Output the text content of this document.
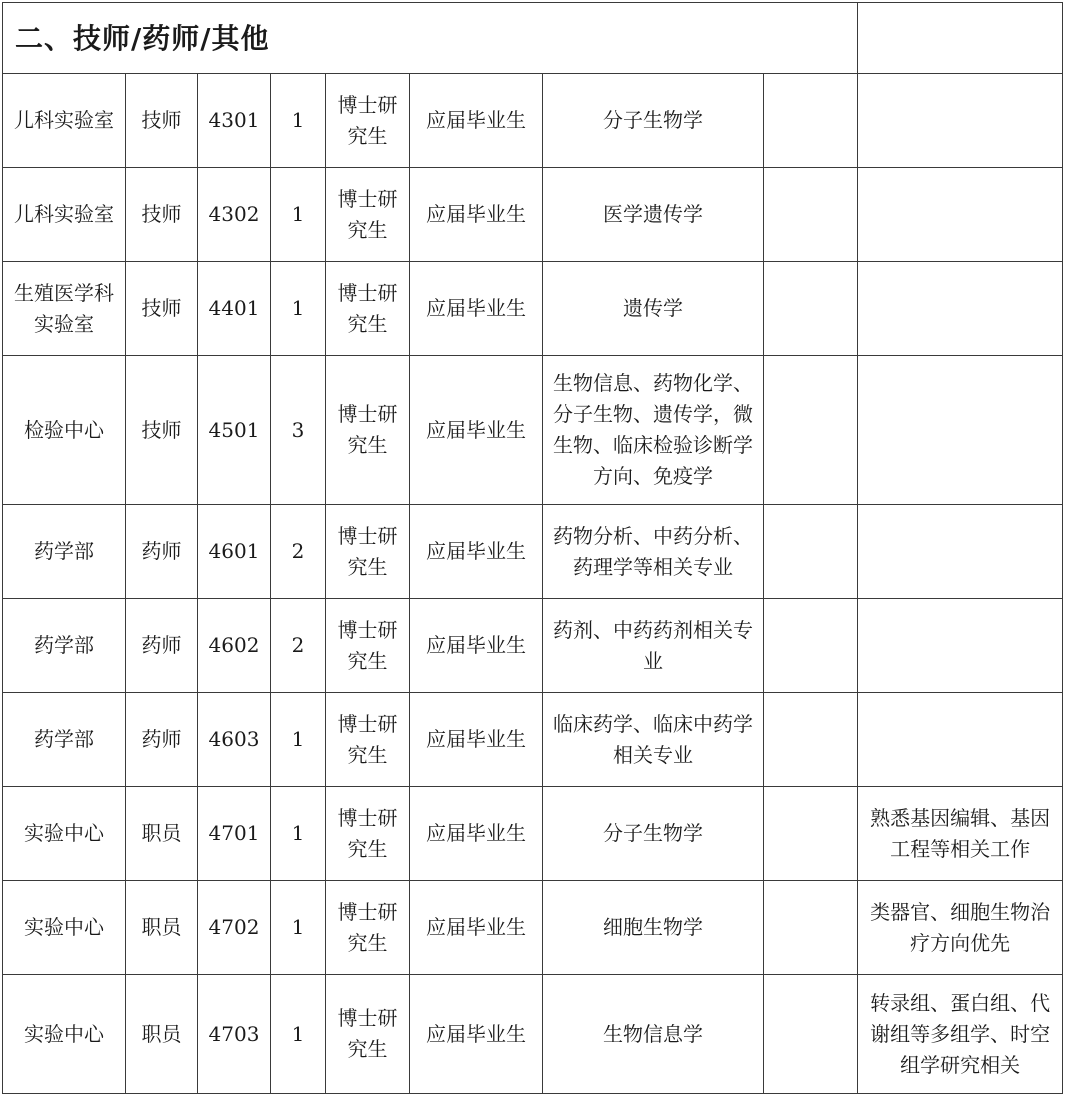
二、技师/药师/其他								
儿科实验室	技师	4301	1	博士研究生	应届毕业生	分子生物学		
儿科实验室	技师	4302	1	博士研究生	应届毕业生	医学遗传学		
生殖医学科实验室	技师	4401	1	博士研究生	应届毕业生	遗传学		
检验中心	技师	4501	3	博士研究生	应届毕业生	生物信息、药物化学、分子生物、遗传学，微生物、临床检验诊断学方向、免疫学		
药学部	药师	4601	2	博士研究生	应届毕业生	药物分析、中药分析、药理学等相关专业		
药学部	药师	4602	2	博士研究生	应届毕业生	药剂、中药药剂相关专业		
药学部	药师	4603	1	博士研究生	应届毕业生	临床药学、临床中药学相关专业		
实验中心	职员	4701	1	博士研究生	应届毕业生	分子生物学		熟悉基因编辑、基因工程等相关工作
实验中心	职员	4702	1	博士研究生	应届毕业生	细胞生物学		类器官、细胞生物治疗方向优先
实验中心	职员	4703	1	博士研究生	应届毕业生	生物信息学		转录组、蛋白组、代谢组等多组学、时空组学研究相关
